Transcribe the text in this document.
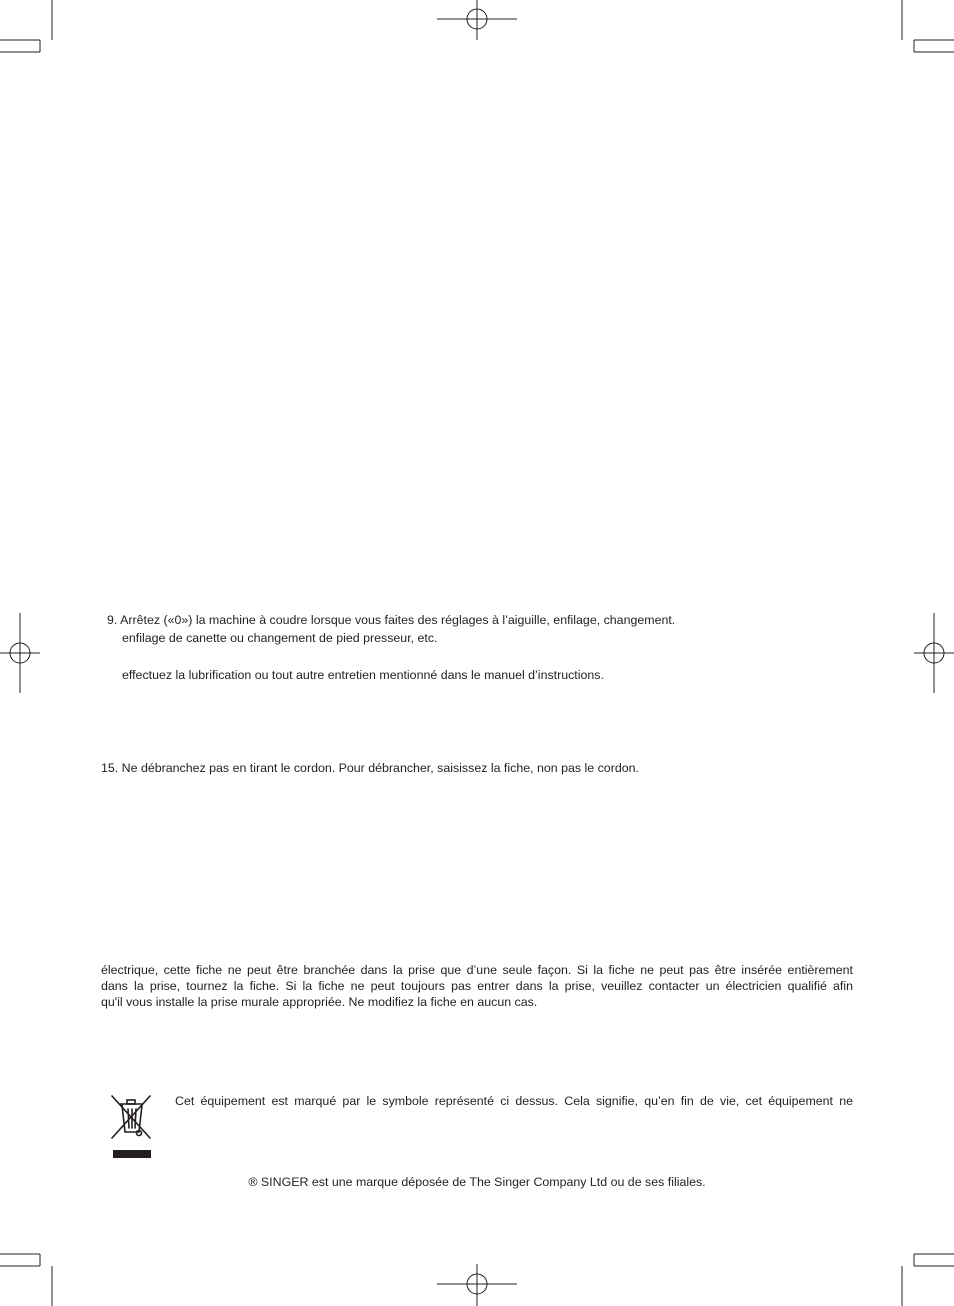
9. Arrêtez («0») la machine à coudre lorsque vous faites des réglages à l’aiguille, enfilage, changement.

enfilage de canette ou changement de pied presseur, etc.

effectuez la lubrification ou tout autre entretien mentionné dans le manuel d’instructions.

15. Ne débranchez pas en tirant le cordon. Pour débrancher, saisissez la fiche, non pas le cordon.

électrique, cette fiche ne peut être branchée dans la prise que d’une seule façon. Si la fiche ne peut pas être insérée entièrement
dans la prise, tournez la fiche. Si la fiche ne peut toujours pas entrer dans la prise, veuillez contacter un électricien qualifié afin
qu'il vous installe la prise murale appropriée. Ne modifiez la fiche en aucun cas.

Cet équipement est marqué par le symbole représenté ci dessus. Cela signifie, qu’en fin de vie, cet équipement ne

® SINGER est une marque déposée de The Singer Company Ltd ou de ses filiales.
